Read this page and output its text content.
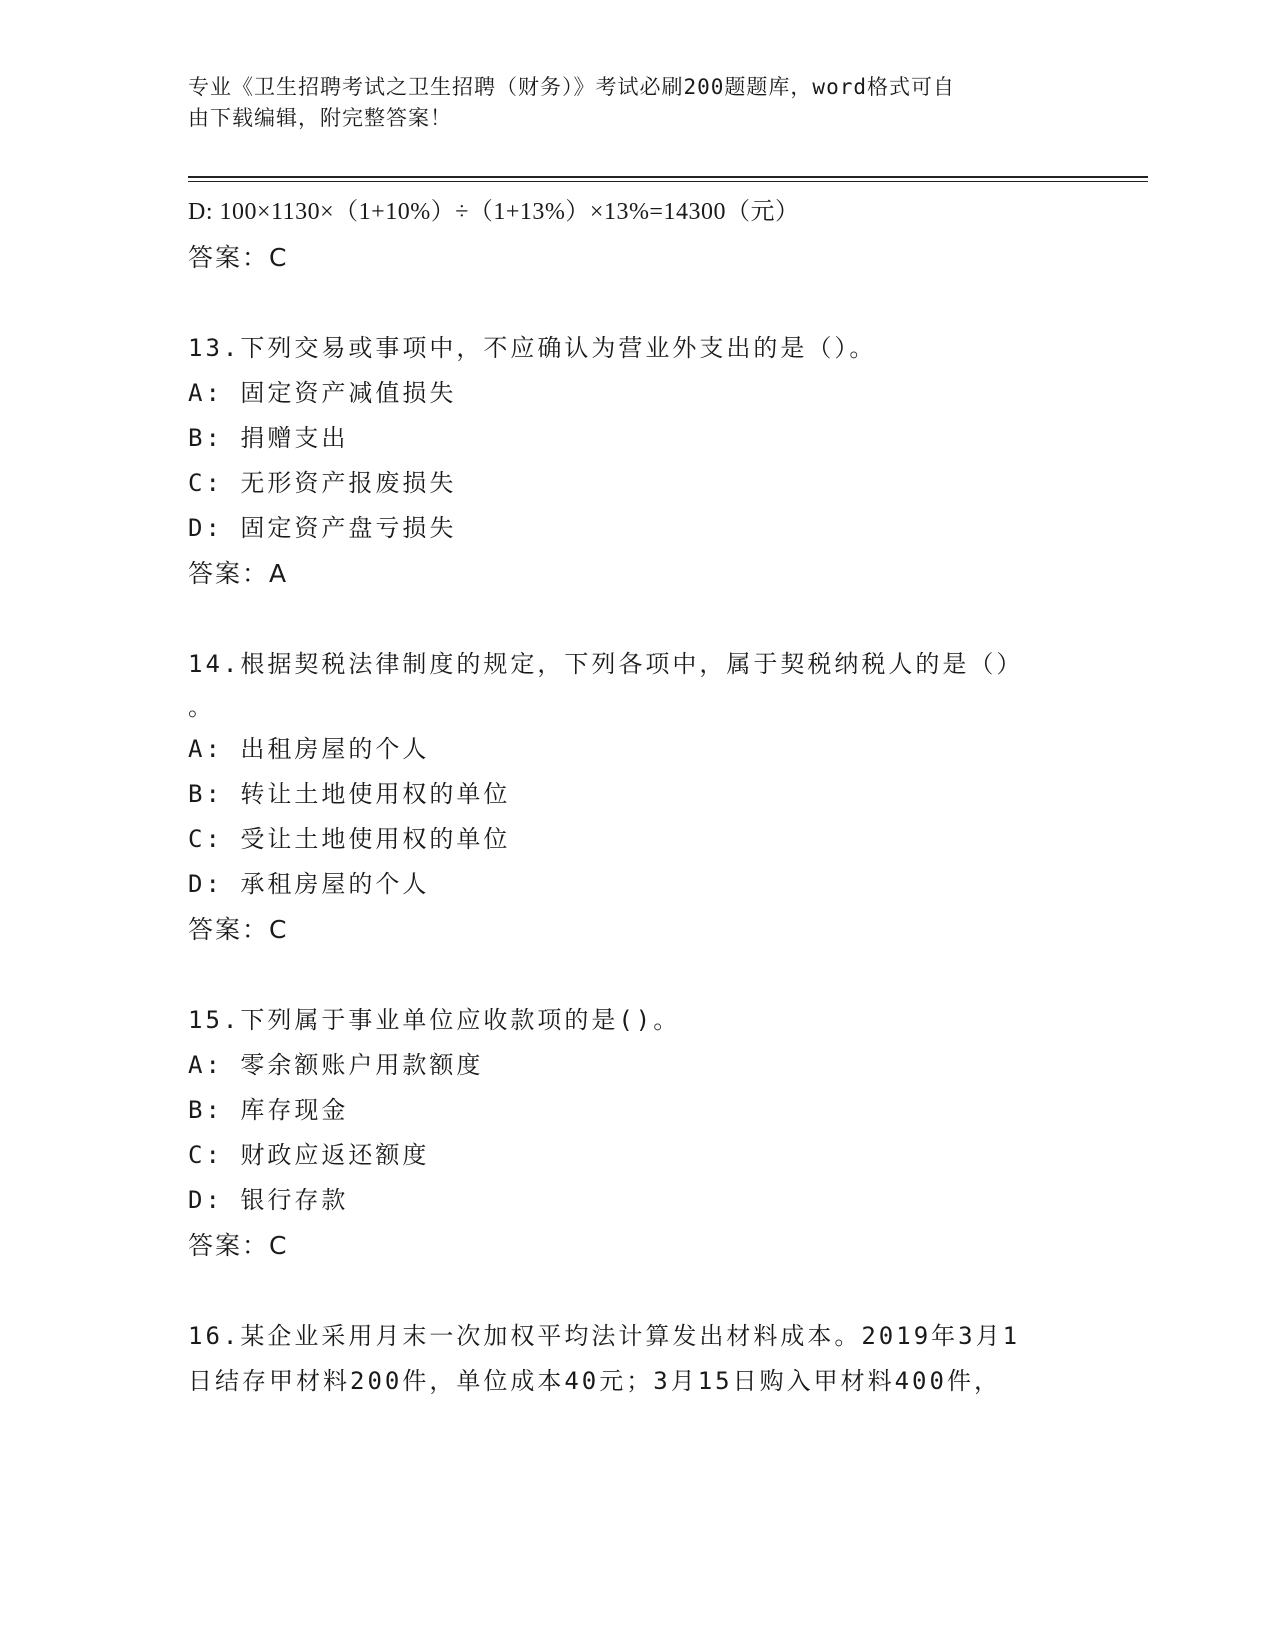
专业《卫生招聘考试之卫生招聘（财务）》考试必刷200题题库，word格式可自
由下载编辑，附完整答案！
D: 100×1130×（1+10%）÷（1+13%）×13%=14300（元）
答案：C
13.下列交易或事项中，不应确认为营业外支出的是（）。
A: 固定资产减值损失
B: 捐赠支出
C: 无形资产报废损失
D: 固定资产盘亏损失
答案：A
14.根据契税法律制度的规定，下列各项中，属于契税纳税人的是（）
。
A: 出租房屋的个人
B: 转让土地使用权的单位
C: 受让土地使用权的单位
D: 承租房屋的个人
答案：C
15.下列属于事业单位应收款项的是()。
A: 零余额账户用款额度
B: 库存现金
C: 财政应返还额度
D: 银行存款
答案：C
16.某企业采用月末一次加权平均法计算发出材料成本。2019年3月1
日结存甲材料200件，单位成本40元；3月15日购入甲材料400件，
